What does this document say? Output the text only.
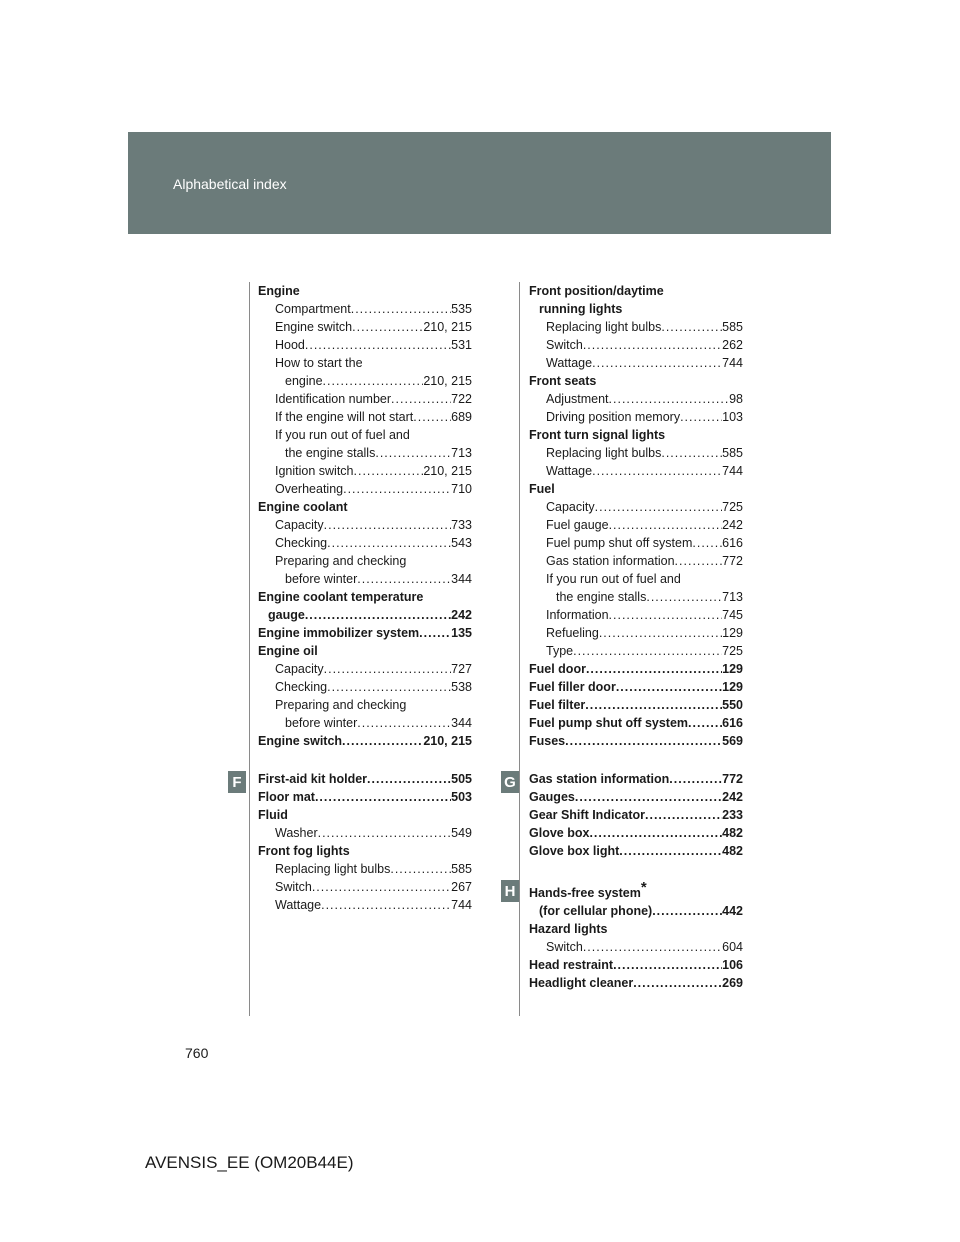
Alphabetical index
Engine
Compartment .....	535
Engine switch .....	210, 215
Hood .....	531
How to start the
engine .....	210, 215
Identification number .....	722
If the engine will not start .....	689
If you run out of fuel and
the engine stalls .....	713
Ignition switch .....	210, 215
Overheating .....	710
Engine coolant
Capacity .....	733
Checking .....	543
Preparing and checking
before winter .....	344
Engine coolant temperature
gauge .....	242
Engine immobilizer system .....	135
Engine oil
Capacity .....	727
Checking .....	538
Preparing and checking
before winter .....	344
Engine switch .....	210, 215
First-aid kit holder .....	505
Floor mat .....	503
Fluid
Washer .....	549
Front fog lights
Replacing light bulbs .....	585
Switch .....	267
Wattage .....	744
Front position/daytime
running lights
Replacing light bulbs .....	585
Switch .....	262
Wattage .....	744
Front seats
Adjustment .....	98
Driving position memory .....	103
Front turn signal lights
Replacing light bulbs .....	585
Wattage .....	744
Fuel
Capacity .....	725
Fuel gauge .....	242
Fuel pump shut off system ..... 616
Gas station information .....	772
If you run out of fuel and
the engine stalls .....	713
Information .....	745
Refueling .....	129
Type .....	725
Fuel door .....	129
Fuel filler door .....	129
Fuel filter .....	550
Fuel pump shut off system .....	616
Fuses .....	569
Gas station information .....	772
Gauges .....	242
Gear Shift Indicator .....	233
Glove box .....	482
Glove box light .....	482
Hands-free system*
(for cellular phone) .....	442
Hazard lights
Switch .....	604
Head restraint .....	106
Headlight cleaner .....	269
F	G
H
760
AVENSIS_EE (OM20B44E)
